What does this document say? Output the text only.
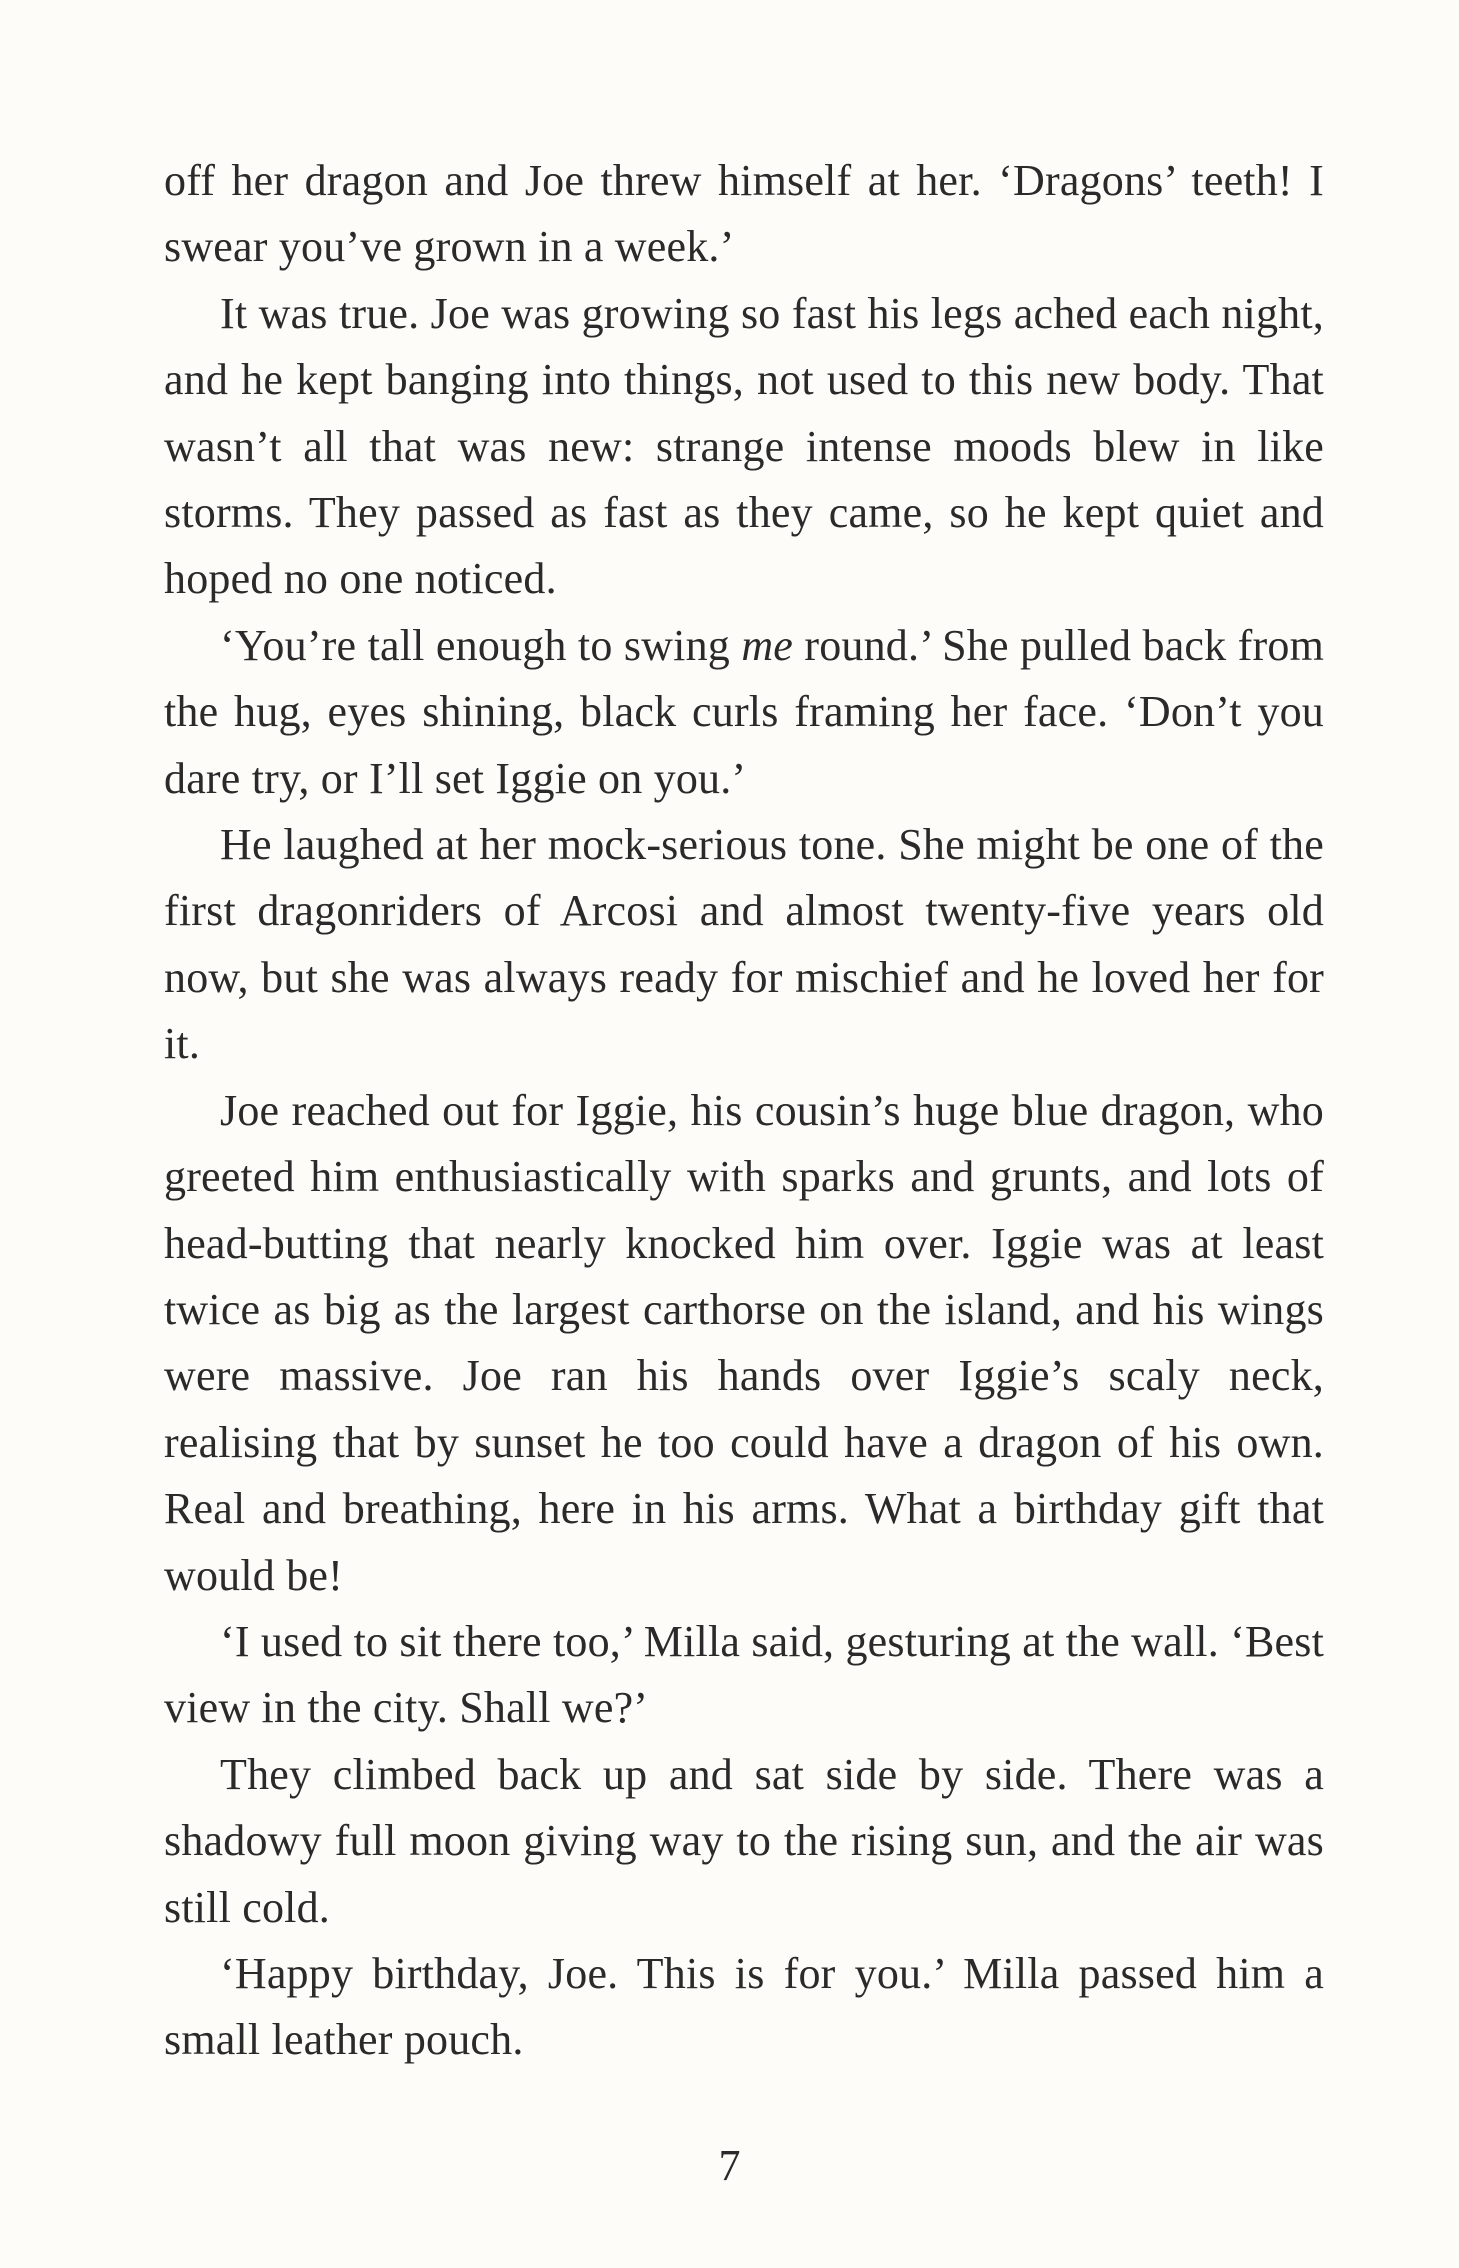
off her dragon and Joe threw himself at her. ‘Dragons’ teeth! I swear you’ve grown in a week.’

It was true. Joe was growing so fast his legs ached each night, and he kept banging into things, not used to this new body. That wasn’t all that was new: strange intense moods blew in like storms. They passed as fast as they came, so he kept quiet and hoped no one noticed.

‘You’re tall enough to swing me round.’ She pulled back from the hug, eyes shining, black curls framing her face. ‘Don’t you dare try, or I’ll set Iggie on you.’

He laughed at her mock-serious tone. She might be one of the first dragonriders of Arcosi and almost twenty-five years old now, but she was always ready for mischief and he loved her for it.

Joe reached out for Iggie, his cousin’s huge blue dragon, who greeted him enthusiastically with sparks and grunts, and lots of head-butting that nearly knocked him over. Iggie was at least twice as big as the largest carthorse on the island, and his wings were massive. Joe ran his hands over Iggie’s scaly neck, realising that by sunset he too could have a dragon of his own. Real and breathing, here in his arms. What a birthday gift that would be!

‘I used to sit there too,’ Milla said, gesturing at the wall. ‘Best view in the city. Shall we?’

They climbed back up and sat side by side. There was a shadowy full moon giving way to the rising sun, and the air was still cold.

‘Happy birthday, Joe. This is for you.’ Milla passed him a small leather pouch.

7
